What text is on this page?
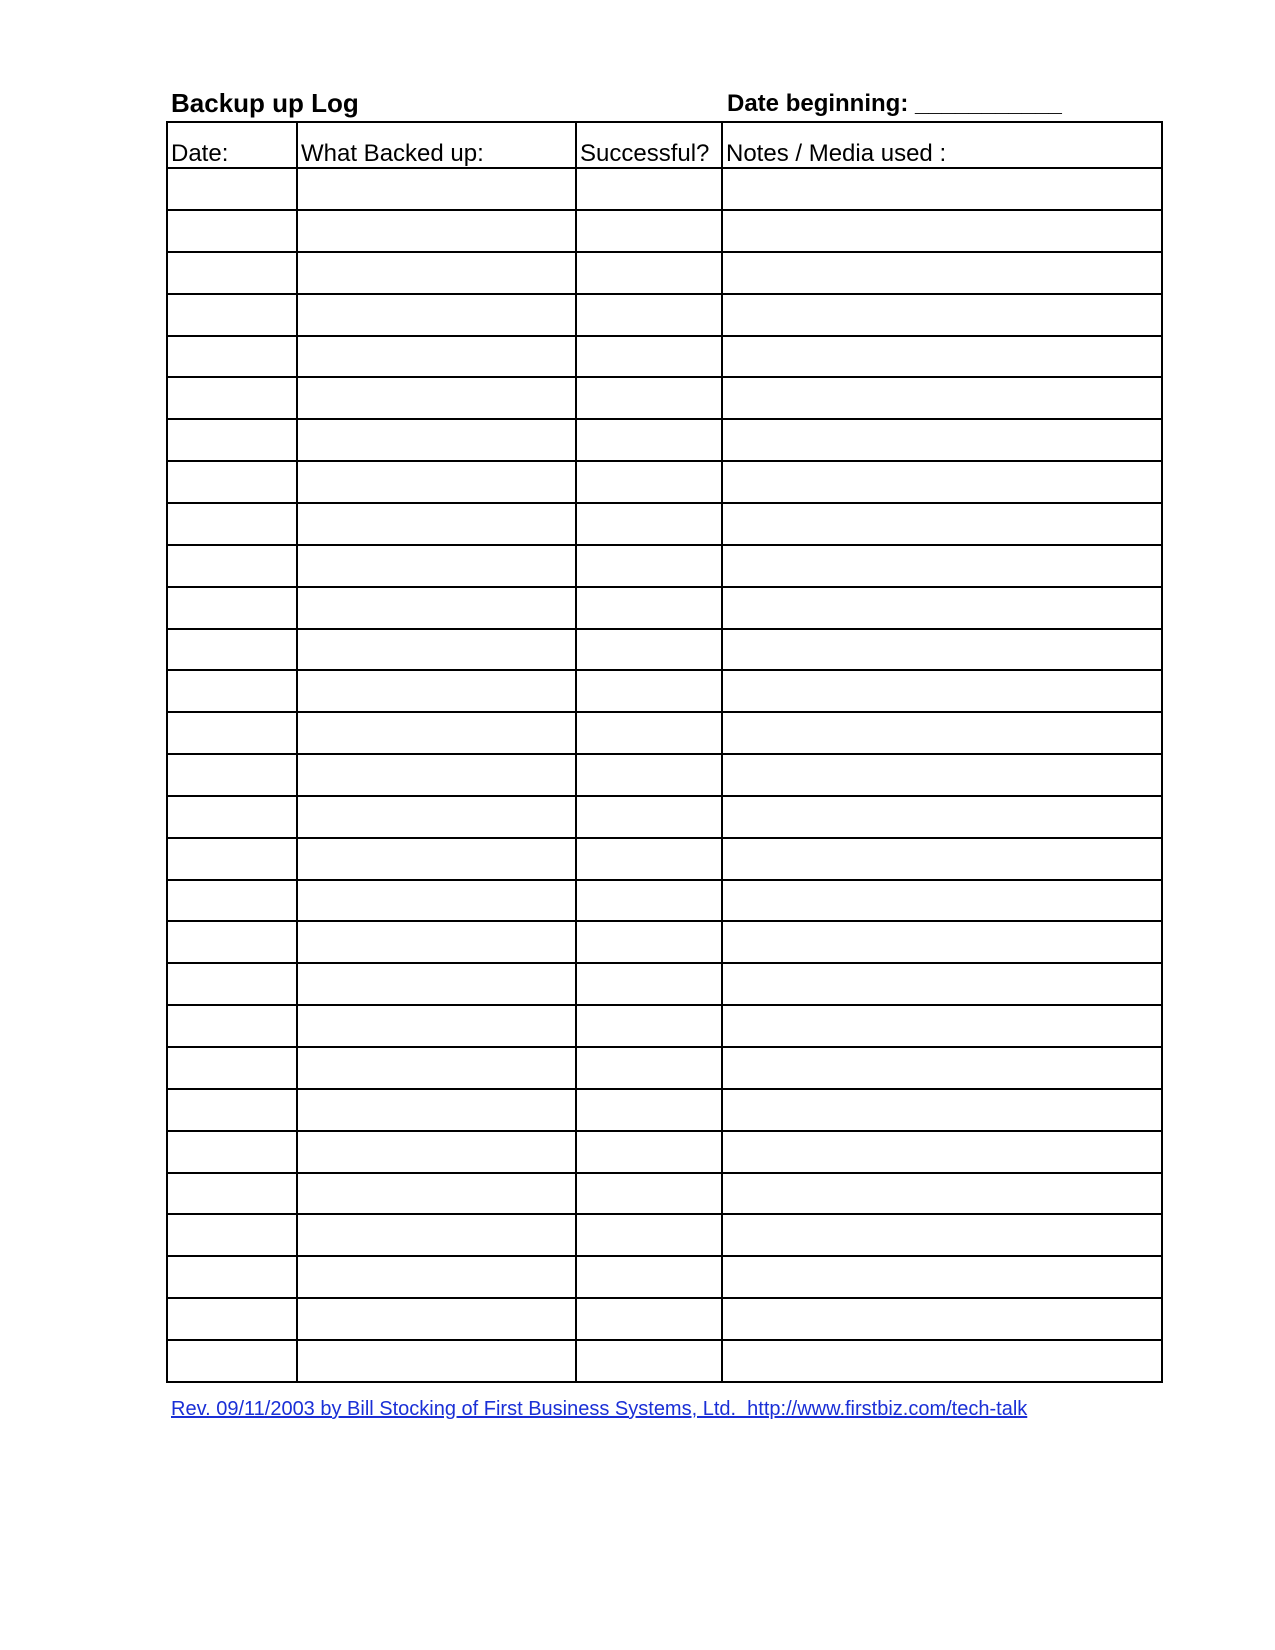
Backup up Log	Date beginning: ___________
Date:	What Backed up:	Successful?	Notes / Media used :

Rev. 09/11/2003 by Bill Stocking of First Business Systems, Ltd.  http://www.firstbiz.com/tech-talk
